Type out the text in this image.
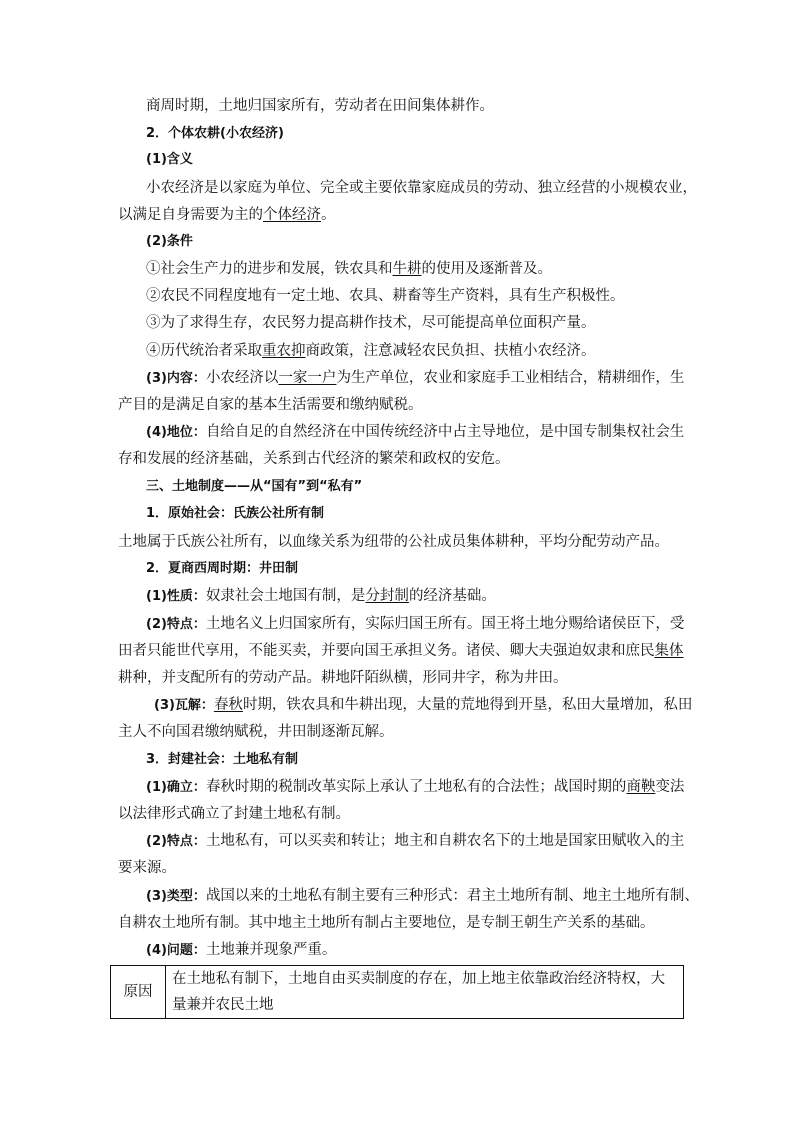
商周时期，土地归国家所有，劳动者在田间集体耕作。
2．个体农耕(小农经济)
(1)含义
小农经济是以家庭为单位、完全或主要依靠家庭成员的劳动、独立经营的小规模农业，
以满足自身需要为主的个体经济。
(2)条件
①社会生产力的进步和发展，铁农具和牛耕的使用及逐渐普及。
②农民不同程度地有一定土地、农具、耕畜等生产资料，具有生产积极性。
③为了求得生存，农民努力提高耕作技术，尽可能提高单位面积产量。
④历代统治者采取重农抑商政策，注意减轻农民负担、扶植小农经济。
(3)内容：小农经济以一家一户为生产单位，农业和家庭手工业相结合，精耕细作，生
产目的是满足自家的基本生活需要和缴纳赋税。
(4)地位：自给自足的自然经济在中国传统经济中占主导地位，是中国专制集权社会生
存和发展的经济基础，关系到古代经济的繁荣和政权的安危。
三、土地制度——从“国有”到“私有”
1．原始社会：氏族公社所有制
土地属于氏族公社所有，以血缘关系为纽带的公社成员集体耕种，平均分配劳动产品。
2．夏商西周时期：井田制
(1)性质：奴隶社会土地国有制，是分封制的经济基础。
(2)特点：土地名义上归国家所有，实际归国王所有。国王将土地分赐给诸侯臣下，受
田者只能世代享用，不能买卖，并要向国王承担义务。诸侯、卿大夫强迫奴隶和庶民集体
耕种，并支配所有的劳动产品。耕地阡陌纵横，形同井字，称为井田。
(3)瓦解：春秋时期，铁农具和牛耕出现，大量的荒地得到开垦，私田大量增加，私田
主人不向国君缴纳赋税，井田制逐渐瓦解。
3．封建社会：土地私有制
(1)确立：春秋时期的税制改革实际上承认了土地私有的合法性；战国时期的商鞅变法
以法律形式确立了封建土地私有制。
(2)特点：土地私有，可以买卖和转让；地主和自耕农名下的土地是国家田赋收入的主
要来源。
(3)类型：战国以来的土地私有制主要有三种形式：君主土地所有制、地主土地所有制、
自耕农土地所有制。其中地主土地所有制占主要地位，是专制王朝生产关系的基础。
(4)问题：土地兼并现象严重。
原因	在土地私有制下，土地自由买卖制度的存在，加上地主依靠政治经济特权，大量兼并农民土地
